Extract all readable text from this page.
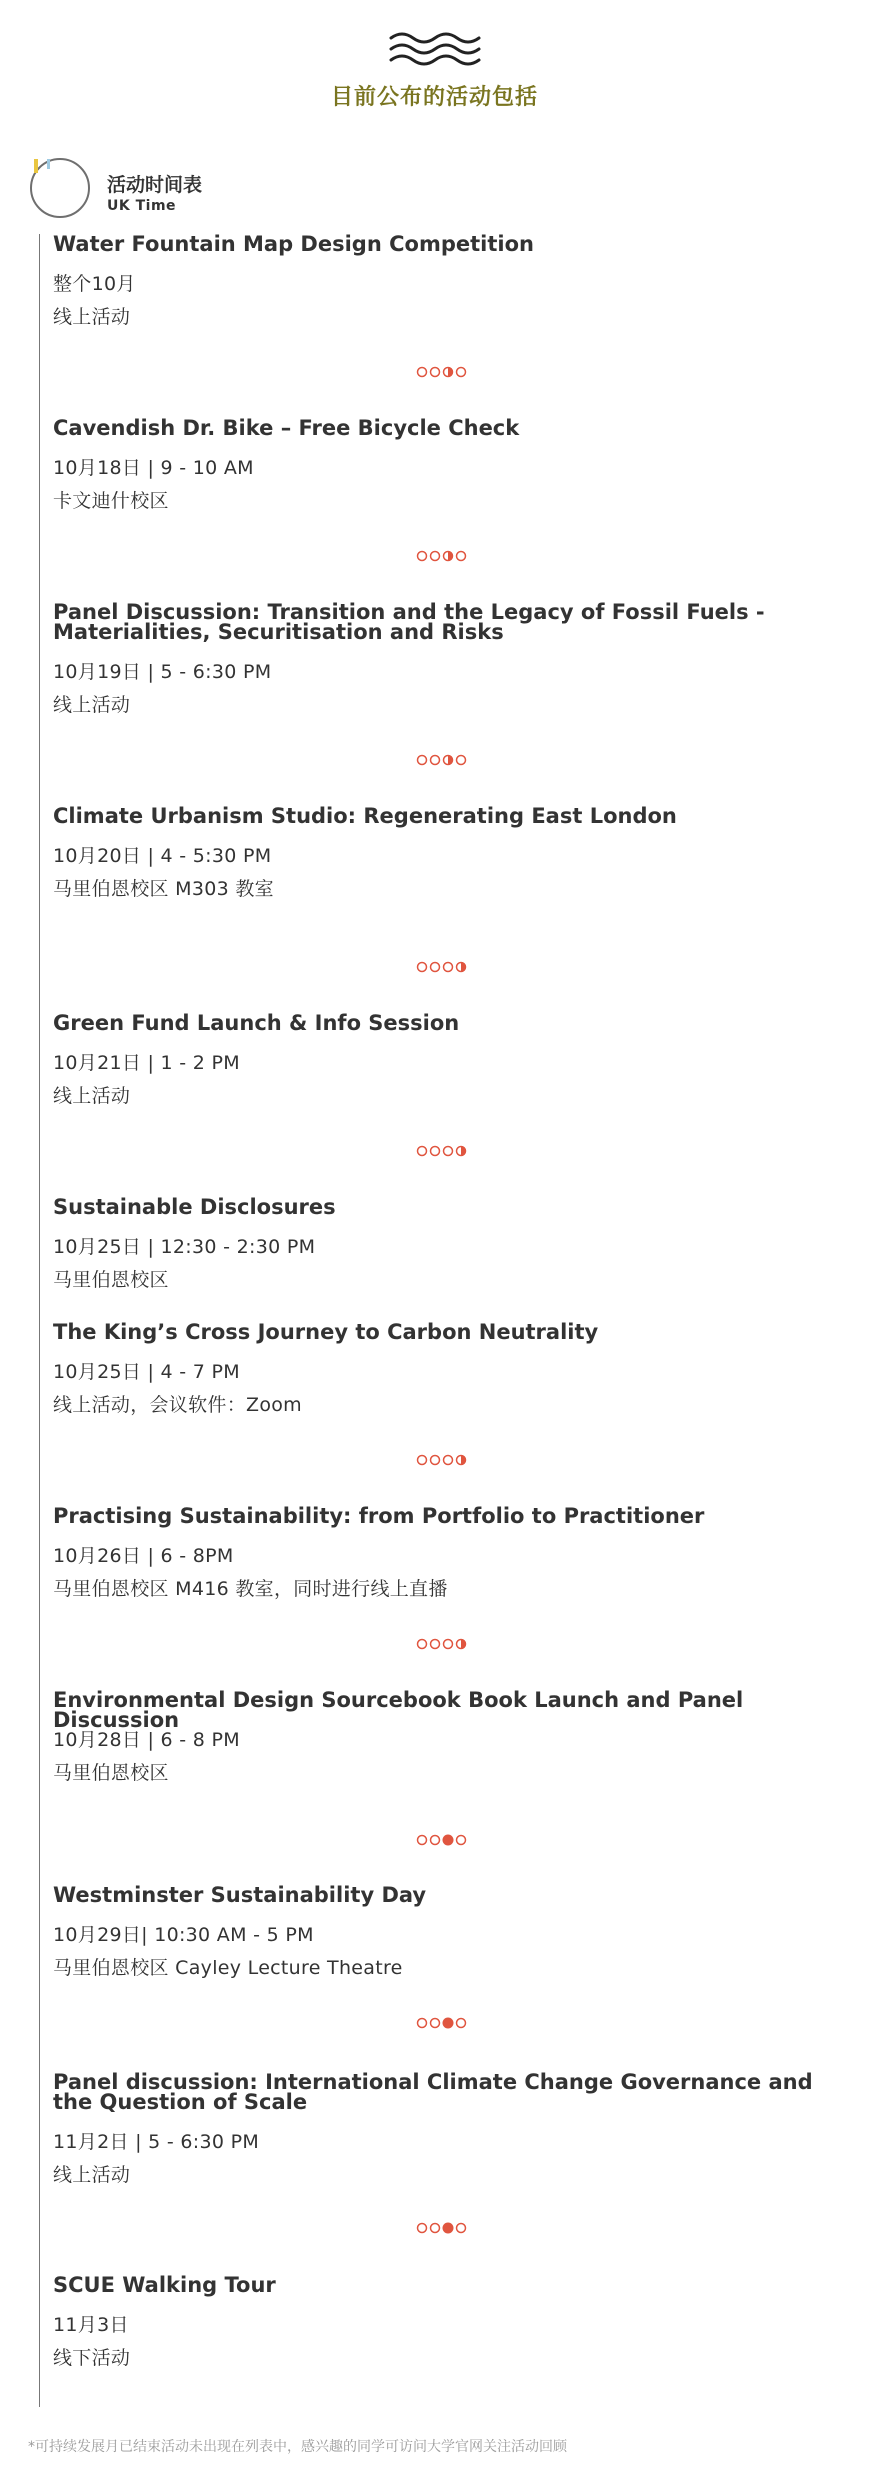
目前公布的活动包括
活动时间表
UK Time
Water Fountain Map Design Competition
整个10月
线上活动
Cavendish Dr. Bike – Free Bicycle Check
10月18日 | 9 - 10 AM
卡文迪什校区
Panel Discussion: Transition and the Legacy of Fossil Fuels - Materialities, Securitisation and Risks
10月19日 | 5 - 6:30 PM
线上活动
Climate Urbanism Studio: Regenerating East London
10月20日 | 4 - 5:30 PM
马里伯恩校区 M303 教室
Green Fund Launch & Info Session
10月21日 | 1 - 2 PM
线上活动
Sustainable Disclosures
10月25日 | 12:30 - 2:30 PM
马里伯恩校区
The King’s Cross Journey to Carbon Neutrality
10月25日 | 4 - 7 PM
线上活动，会议软件：Zoom
Practising Sustainability: from Portfolio to Practitioner
10月26日 | 6 - 8PM
马里伯恩校区 M416 教室，同时进行线上直播
Environmental Design Sourcebook Book Launch and Panel Discussion
10月28日 | 6 - 8 PM
马里伯恩校区
Westminster Sustainability Day
10月29日| 10:30 AM - 5 PM
马里伯恩校区 Cayley Lecture Theatre
Panel discussion: International Climate Change Governance and the Question of Scale
11月2日 | 5 - 6:30 PM
线上活动
SCUE Walking Tour
11月3日
线下活动
*可持续发展月已结束活动未出现在列表中，感兴趣的同学可访问大学官网关注活动回顾
